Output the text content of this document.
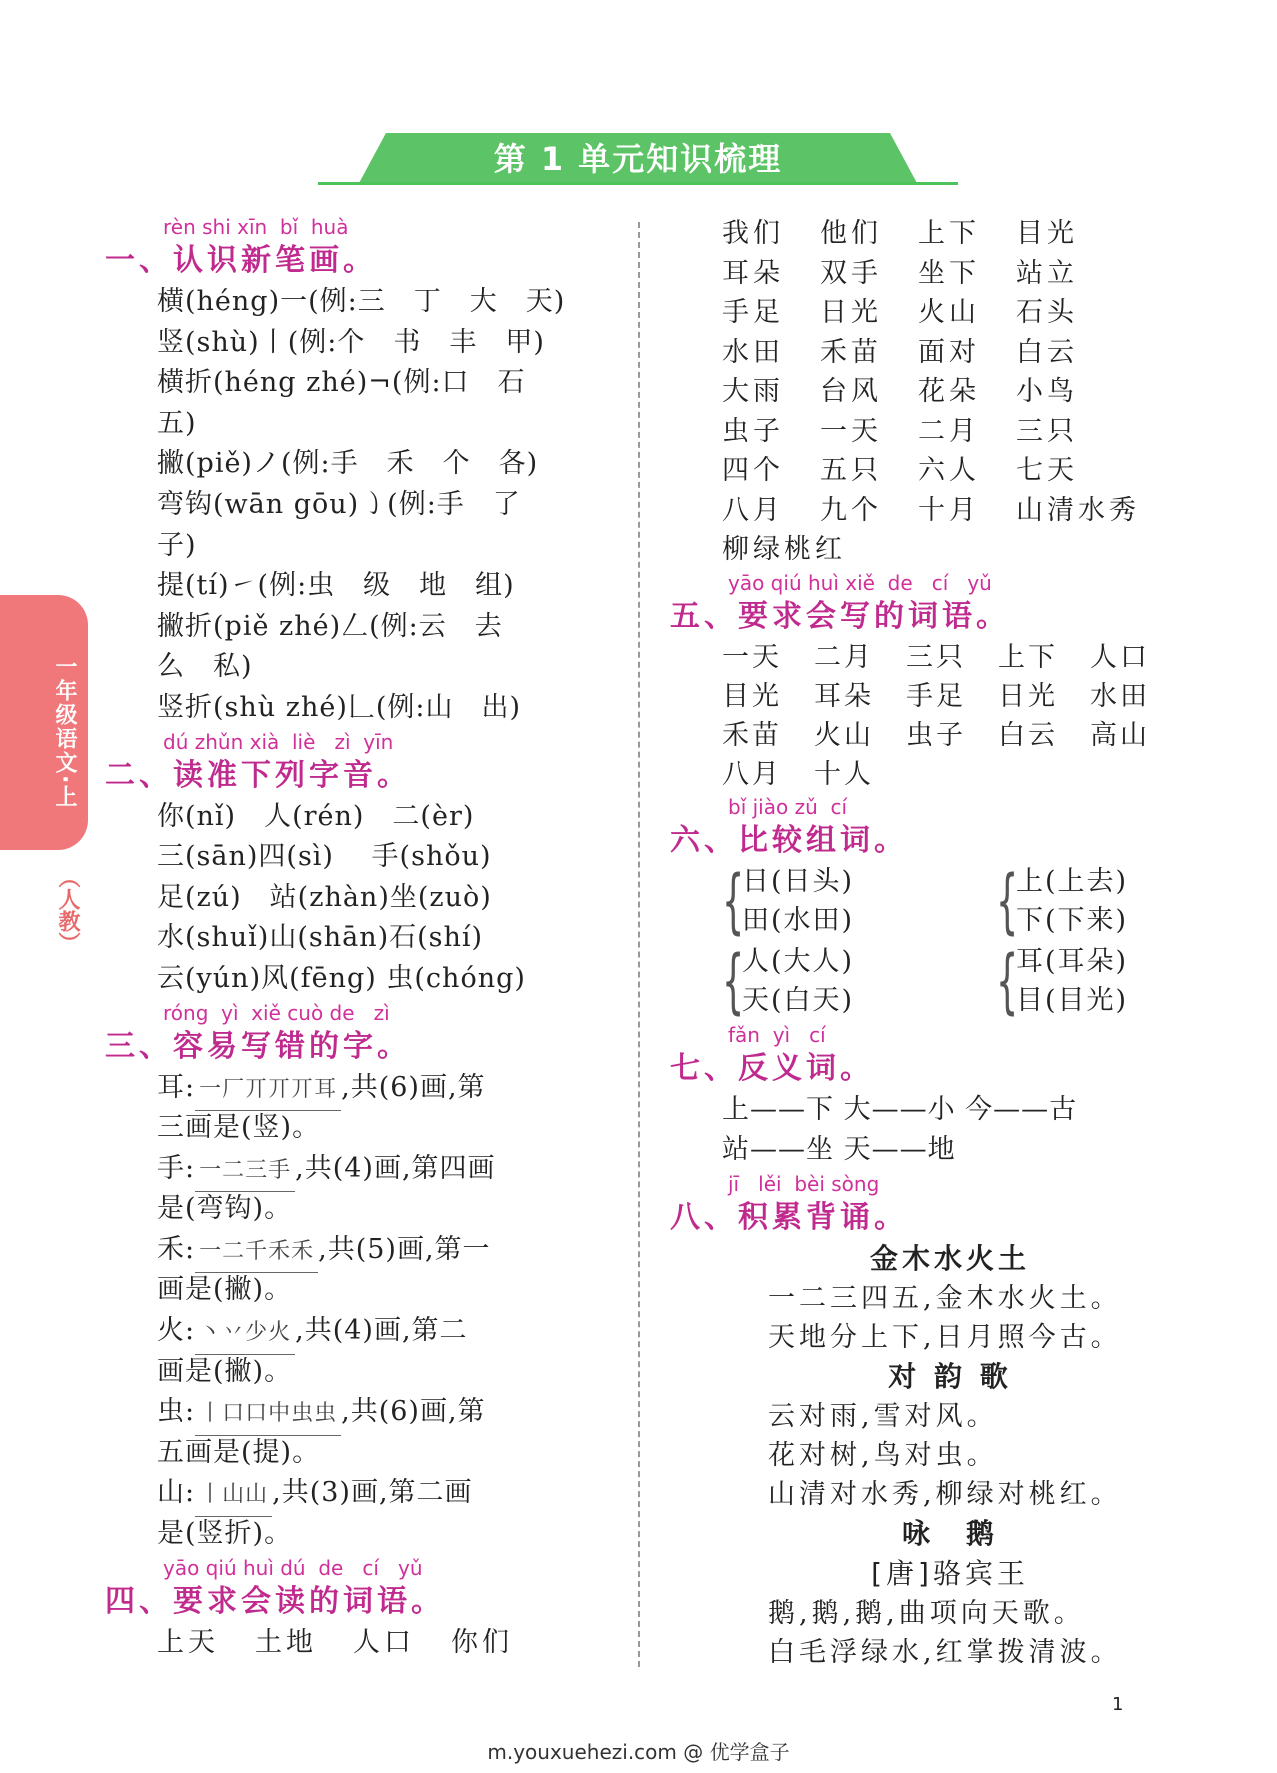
第 1 单元知识梳理
一年级语文·上
（人教）
rèn shi xīn  bǐ  huà
一、认识新笔画。
横(héng)一(例:三　丁　大　天)
竖(shù)丨(例:个　书　丰　甲)
横折(héng zhé)¬(例:口　石
五)
撇(piě)ノ(例:手　禾　个　各)
弯钩(wān gōu)㇁(例:手　了
子)
提(tí)㇀(例:虫　级　地　组)
撇折(piě zhé)𠃋(例:云　去
么　私)
竖折(shù zhé)𠃊(例:山　出)
dú zhǔn xià  liè   zì  yīn
二、读准下列字音。
你(nǐ)　人(rén)　二(èr)
三(sān)四(sì)　 手(shǒu)
足(zú)　站(zhàn)坐(zuò)
水(shuǐ)山(shān)石(shí)
云(yún)风(fēng) 虫(chóng)
róng  yì  xiě cuò de   zì
三、容易写错的字。
耳: 一厂丌丌丌耳 ,共(6)画,第
三画是(竖)。
手: 一二三手 ,共(4)画,第四画
是(弯钩)。
禾: 一二千禾禾 ,共(5)画,第一
画是(撇)。
火: 丶丷少火 ,共(4)画,第二
画是(撇)。
虫: 丨口口中虫虫 ,共(6)画,第
五画是(提)。
山: 丨山山 ,共(3)画,第二画
是(竖折)。
yāo qiú huì dú  de   cí   yǔ
四、要求会读的词语。
上天	土地	人口	你们
我们	他们	上下	目光
耳朵	双手	坐下	站立
手足	日光	火山	石头
水田	禾苗	面对	白云
大雨	台风	花朵	小鸟
虫子	一天	二月	三只
四个	五只	六人	七天
八月	九个	十月	山清水秀
柳绿桃红
yāo qiú huì xiě  de   cí   yǔ
五、要求会写的词语。
一天	二月	三只	上下	人口
目光	耳朵	手足	日光	水田
禾苗	火山	虫子	白云	高山
八月	十人
bǐ jiào zǔ  cí
六、比较组词。
{
日(日头)
田(水田) {
上(上去)
下(下来)
{
人(大人)
天(白天) {
耳(耳朵)
目(目光)
fǎn  yì   cí
七、反义词。
上——下 大——小 今——古
站——坐 天——地
jī   lěi  bèi sòng
八、积累背诵。
金木水火土
一二三四五,金木水火土。
天地分上下,日月照今古。
对 韵 歌
云对雨,雪对风。
花对树,鸟对虫。
山清对水秀,柳绿对桃红。
咏　鹅
[唐]骆宾王
鹅,鹅,鹅,曲项向天歌。
白毛浮绿水,红掌拨清波。
1
m.youxuehezi.com @ 优学盒子
